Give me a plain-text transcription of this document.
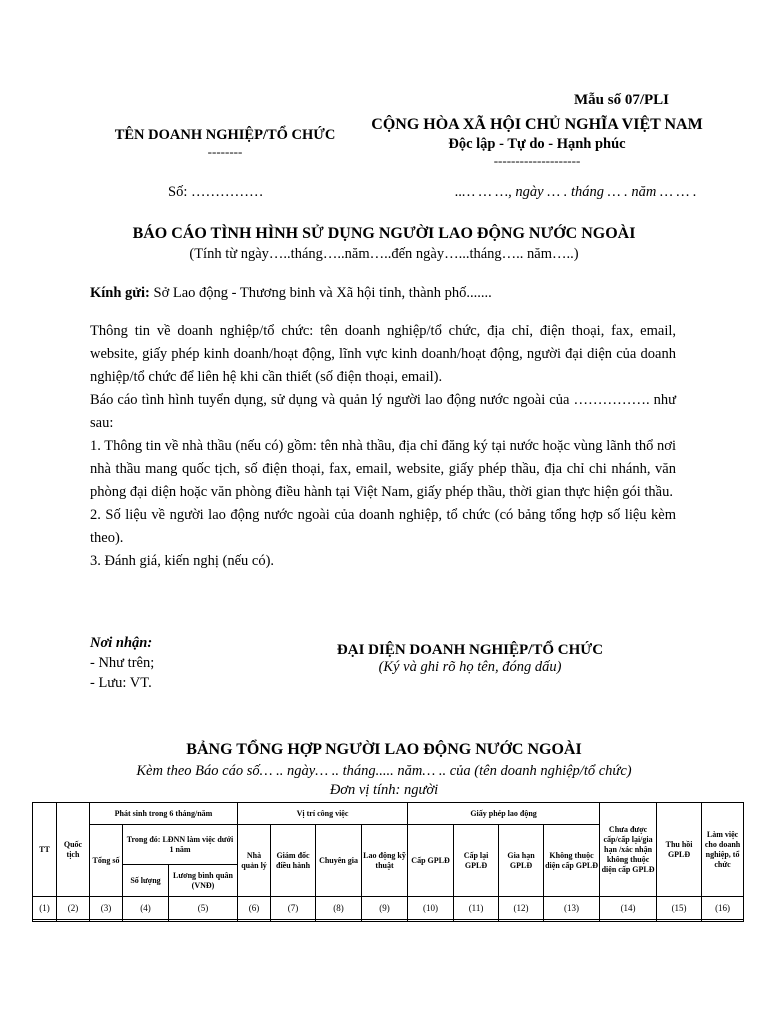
Mẫu số 07/PLI
TÊN DOANH NGHIỆP/TỔ CHỨC
--------
CỘNG HÒA XÃ HỘI CHỦ NGHĨA VIỆT NAM
Độc lập - Tự do - Hạnh phúc
--------------------
Số: ……………	..… … …, ngày … . tháng … . năm … … .
BÁO CÁO TÌNH HÌNH SỬ DỤNG NGƯỜI LAO ĐỘNG NƯỚC NGOÀI
(Tính từ ngày…..tháng…..năm…..đến ngày…...tháng….. năm…..)
Kính gửi: Sở Lao động - Thương binh và Xã hội tỉnh, thành phố.......

Thông tin về doanh nghiệp/tổ chức: tên doanh nghiệp/tổ chức, địa chỉ, điện thoại, fax, email, website, giấy phép kinh doanh/hoạt động, lĩnh vực kinh doanh/hoạt động, người đại diện của doanh nghiệp/tổ chức để liên hệ khi cần thiết (số điện thoại, email).

Báo cáo tình hình tuyển dụng, sử dụng và quản lý người lao động nước ngoài của ……………. như sau:

1. Thông tin về nhà thầu (nếu có) gồm: tên nhà thầu, địa chỉ đăng ký tại nước hoặc vùng lãnh thổ nơi nhà thầu mang quốc tịch, số điện thoại, fax, email, website, giấy phép thầu, địa chỉ chi nhánh, văn phòng đại diện hoặc văn phòng điều hành tại Việt Nam, giấy phép thầu, thời gian thực hiện gói thầu.

2. Số liệu về người lao động nước ngoài của doanh nghiệp, tổ chức (có bảng tổng hợp số liệu kèm theo).

3. Đánh giá, kiến nghị (nếu có).

Nơi nhận:
- Như trên;
- Lưu: VT.
ĐẠI DIỆN DOANH NGHIỆP/TỔ CHỨC
(Ký và ghi rõ họ tên, đóng dấu)
BẢNG TỔNG HỢP NGƯỜI LAO ĐỘNG NƯỚC NGOÀI
Kèm theo Báo cáo số… .. ngày… .. tháng..... năm… .. của (tên doanh nghiệp/tổ chức)
Đơn vị tính: người
TT	Quốc tịch	Phát sinh trong 6 tháng/năm			Vị trí công việc				Giấy phép lao động				Chưa được cấp/cấp lại/gia hạn /xác nhận không thuộc diện cấp GPLĐ	Thu hồi GPLĐ	Làm việc cho doanh nghiệp, tổ chức
		Tổng số	Trong đó: LĐNN làm việc dưới 1 năm		Nhà quản lý	Giám đốc điều hành	Chuyên gia	Lao động kỹ thuật	Cấp GPLĐ	Cấp lại GPLĐ	Gia hạn GPLĐ	Không thuộc diện cấp GPLĐ			
			Số lượng	Lương bình quân (VNĐ)											
(1)	(2)	(3)	(4)	(5)	(6)	(7)	(8)	(9)	(10)	(11)	(12)	(13)	(14)	(15)	(16)
